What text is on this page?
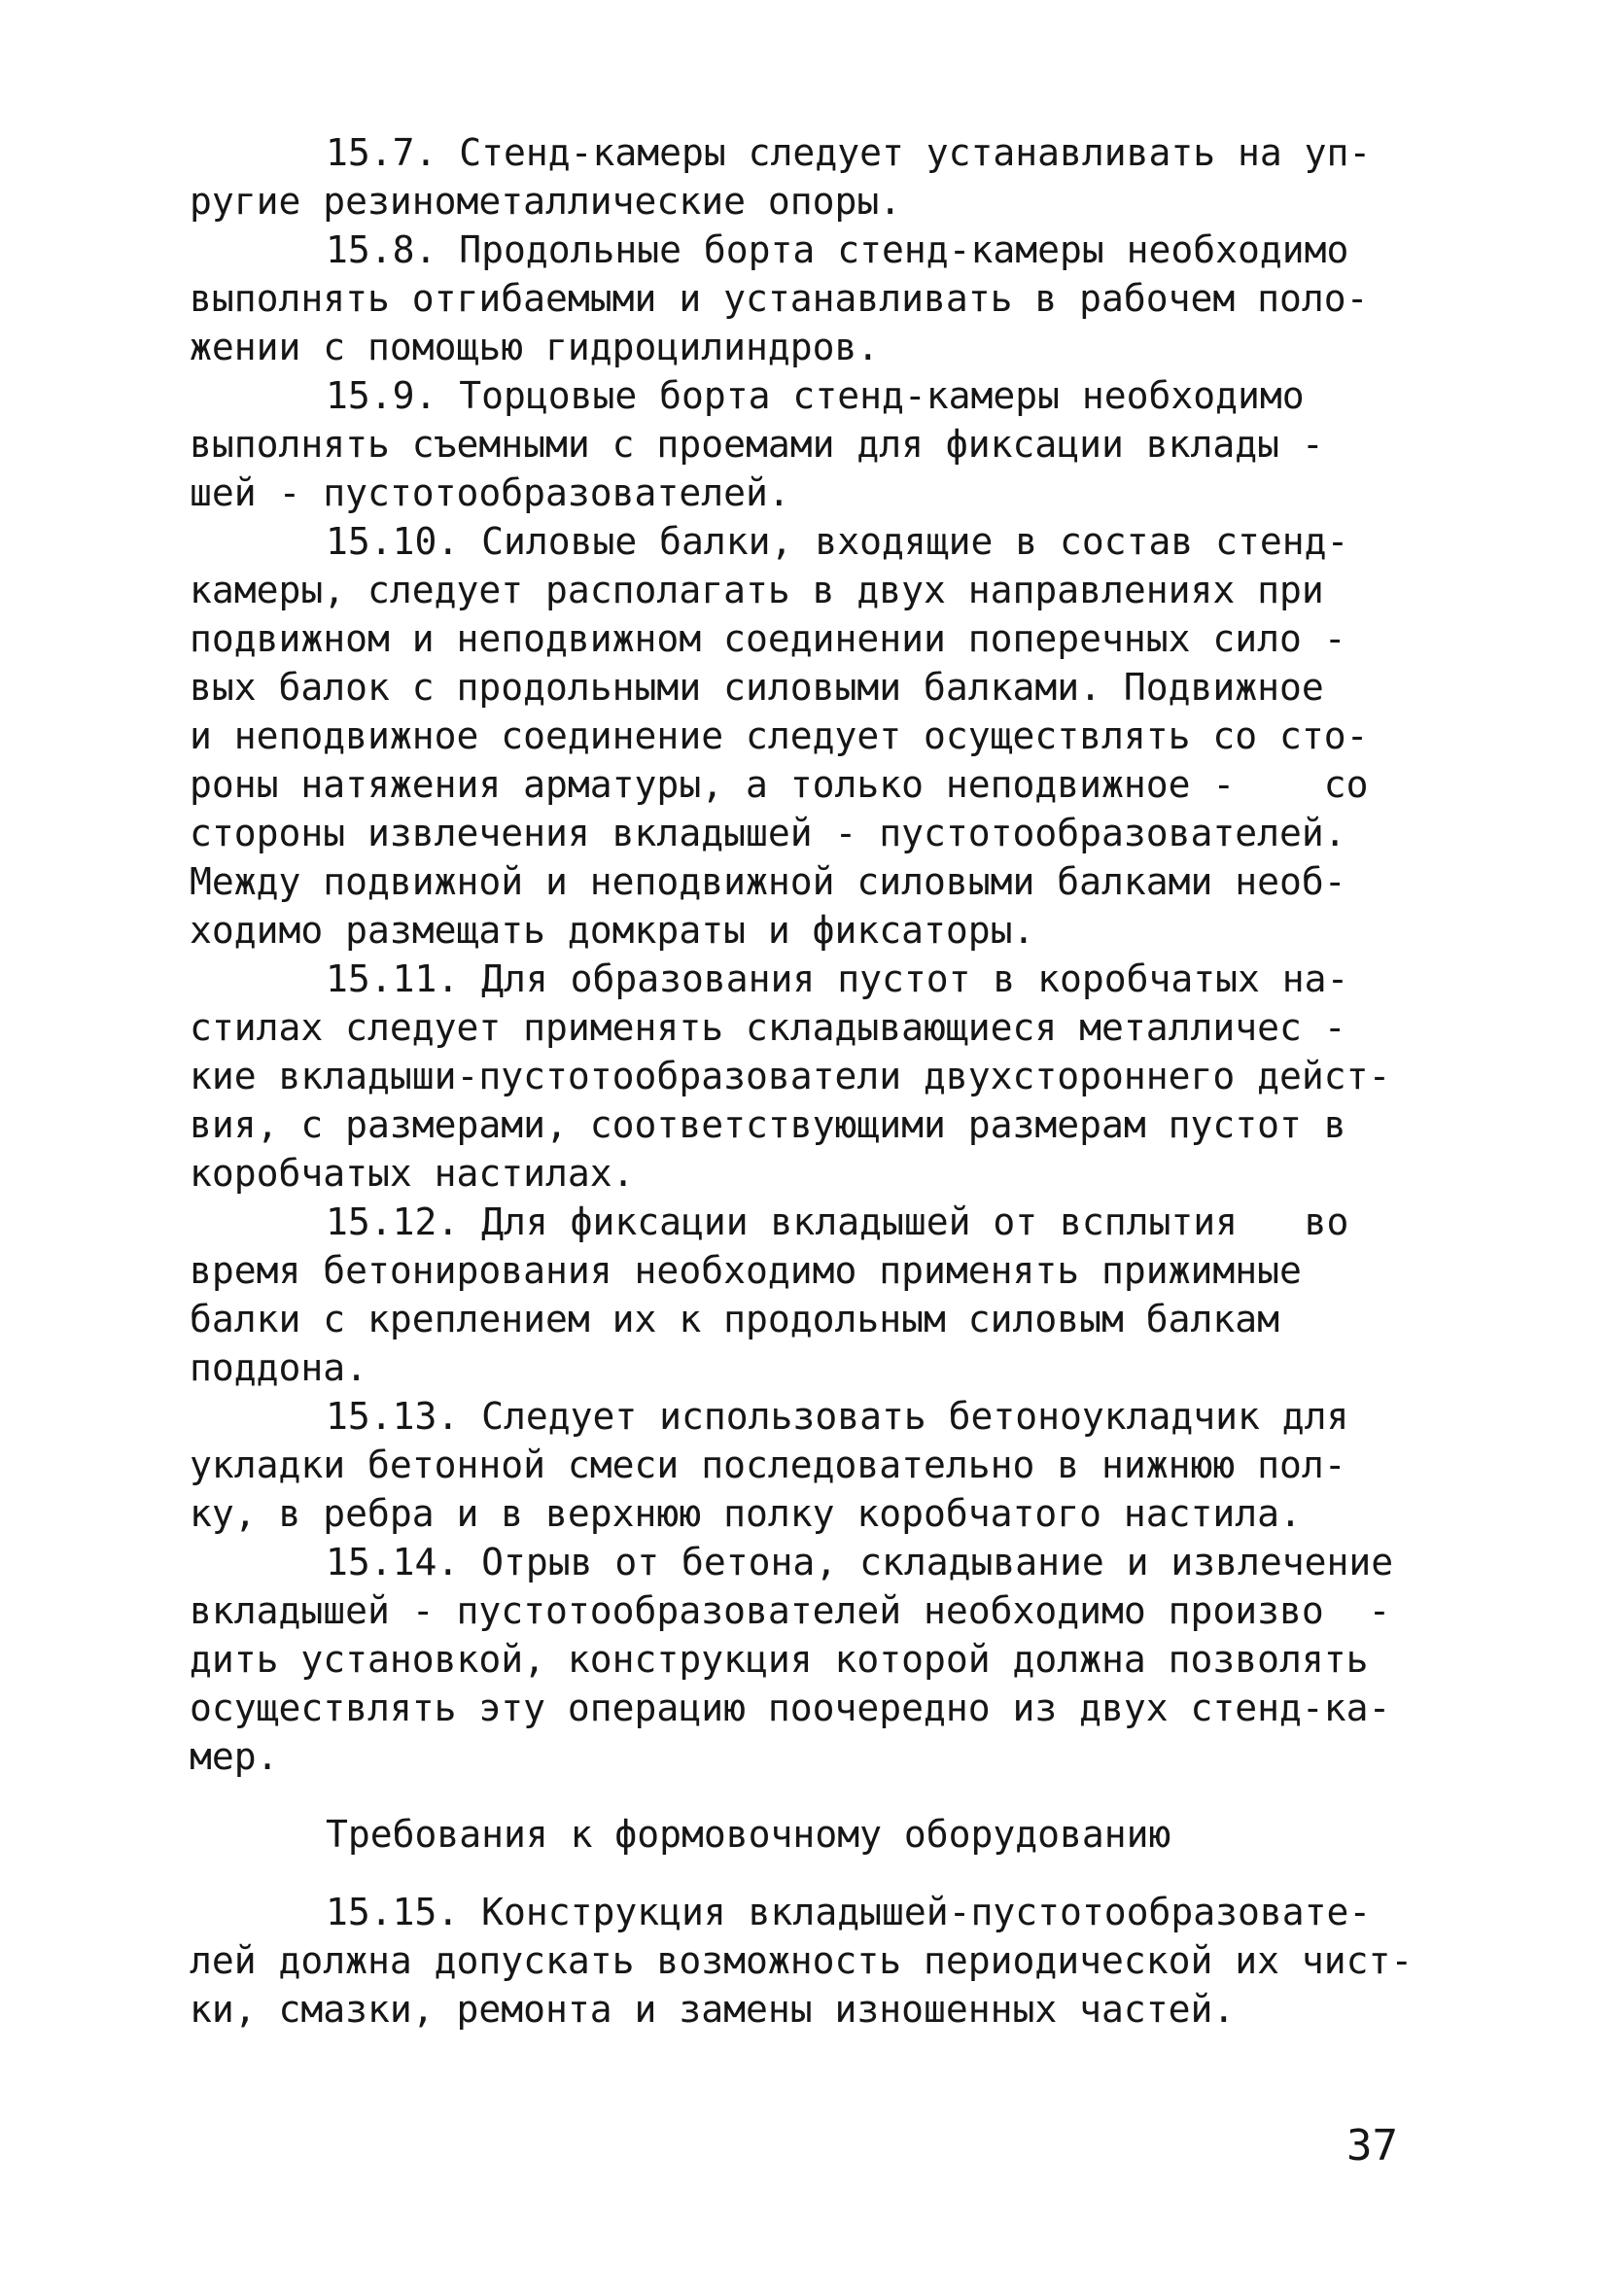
15.7. Стенд-камеры следует устанавливать на уп-
ругие резинометаллические опоры.
15.8. Продольные борта стенд-камеры необходимо
выполнять отгибаемыми и устанавливать в рабочем поло-
жении с помощью гидроцилиндров.
15.9. Торцовые борта стенд-камеры необходимо
выполнять съемными с проемами для фиксации вклады -
шей - пустотообразователей.
15.10. Силовые балки, входящие в состав стенд-
камеры, следует располагать в двух направлениях при
подвижном и неподвижном соединении поперечных сило -
вых балок с продольными силовыми балками. Подвижное
и неподвижное соединение следует осуществлять со сто-
роны натяжения арматуры, а только неподвижное -    со
стороны извлечения вкладышей - пустотообразователей.
Между подвижной и неподвижной силовыми балками необ-
ходимо размещать домкраты и фиксаторы.
15.11. Для образования пустот в коробчатых на-
стилах следует применять складывающиеся металличес -
кие вкладыши-пустотообразователи двухстороннего дейст-
вия, с размерами, соответствующими размерам пустот в
коробчатых настилах.
15.12. Для фиксации вкладышей от всплытия   во
время бетонирования необходимо применять прижимные
балки с креплением их к продольным силовым балкам
поддона.
15.13. Следует использовать бетоноукладчик для
укладки бетонной смеси последовательно в нижнюю пол-
ку, в ребра и в верхнюю полку коробчатого настила.
15.14. Отрыв от бетона, складывание и извлечение
вкладышей - пустотообразователей необходимо произво  -
дить установкой, конструкция которой должна позволять
осуществлять эту операцию поочередно из двух стенд-ка-
мер.
Требования к формовочному оборудованию
15.15. Конструкция вкладышей-пустотообразовате-
лей должна допускать возможность периодической их чист-
ки, смазки, ремонта и замены изношенных частей.
37
